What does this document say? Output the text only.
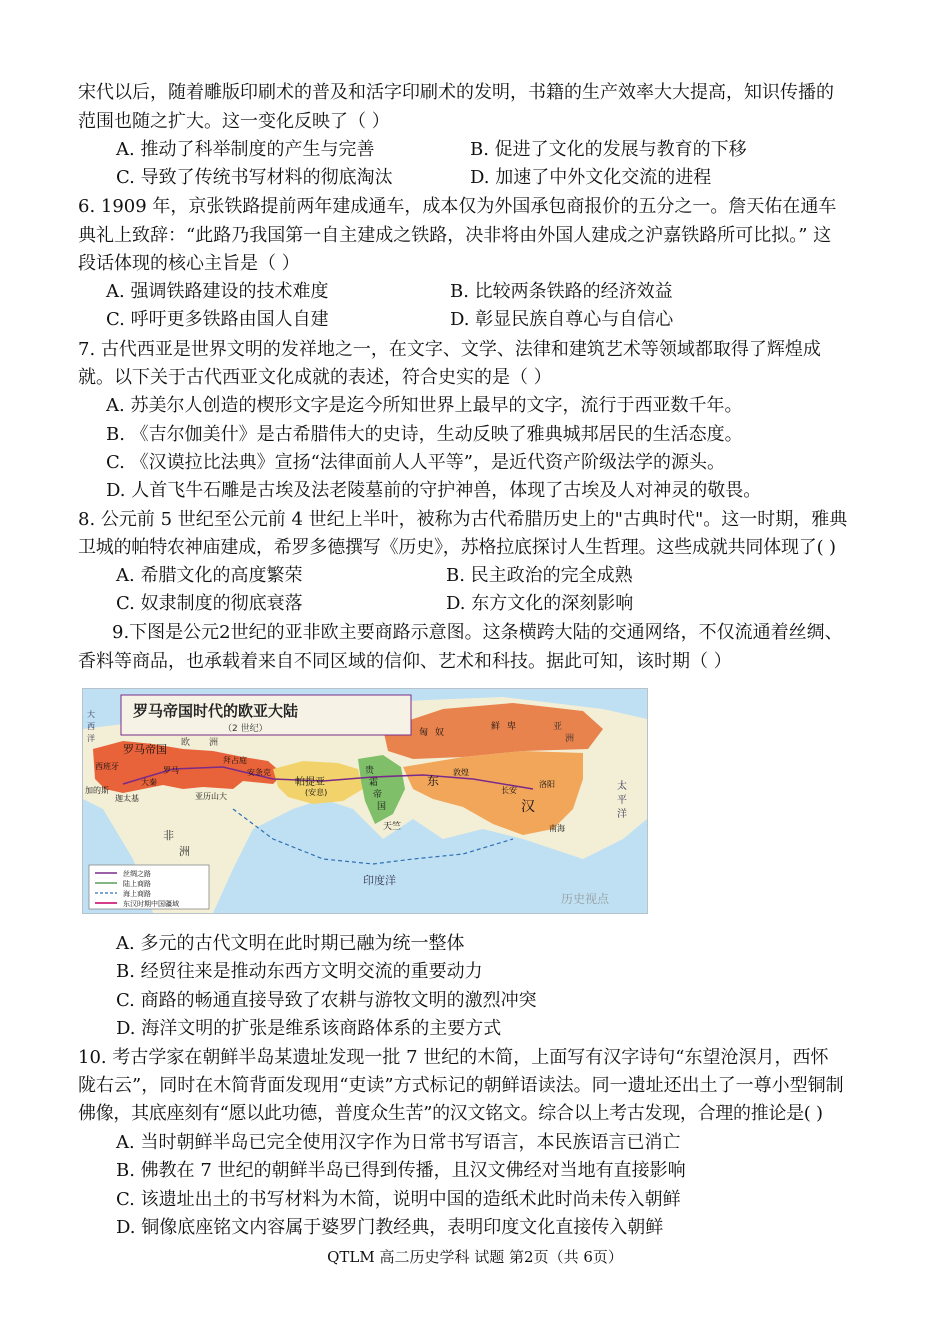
宋代以后，随着雕版印刷术的普及和活字印刷术的发明，书籍的生产效率大大提高，知识传播的
范围也随之扩大。这一变化反映了（ ）
A. 推动了科举制度的产生与完善	B. 促进了文化的发展与教育的下移
C. 导致了传统书写材料的彻底淘汰	D. 加速了中外文化交流的进程
6. 1909 年，京张铁路提前两年建成通车，成本仅为外国承包商报价的五分之一。詹天佑在通车
典礼上致辞：“此路乃我国第一自主建成之铁路，决非将由外国人建成之沪嘉铁路所可比拟。” 这
段话体现的核心主旨是（ ）
A. 强调铁路建设的技术难度	B. 比较两条铁路的经济效益
C. 呼吁更多铁路由国人自建	D. 彰显民族自尊心与自信心
7. 古代西亚是世界文明的发祥地之一，在文字、文学、法律和建筑艺术等领域都取得了辉煌成
就。以下关于古代西亚文化成就的表述，符合史实的是（ ）
A. 苏美尔人创造的楔形文字是迄今所知世界上最早的文字，流行于西亚数千年。
B. 《吉尔伽美什》是古希腊伟大的史诗，生动反映了雅典城邦居民的生活态度。
C. 《汉谟拉比法典》宣扬“法律面前人人平等”，是近代资产阶级法学的源头。
D. 人首飞牛石雕是古埃及法老陵墓前的守护神兽，体现了古埃及人对神灵的敬畏。
8. 公元前 5 世纪至公元前 4 世纪上半叶，被称为古代希腊历史上的"古典时代"。这一时期，雅典
卫城的帕特农神庙建成，希罗多德撰写《历史》，苏格拉底探讨人生哲理。这些成就共同体现了( )
A. 希腊文化的高度繁荣	B. 民主政治的完全成熟
C. 奴隶制度的彻底衰落	D. 东方文化的深刻影响
9.下图是公元2世纪的亚非欧主要商路示意图。这条横跨大陆的交通网络，不仅流通着丝绸、
香料等商品，也承载着来自不同区域的信仰、艺术和科技。据此可知，该时期（ ）
罗马帝国时代的欧亚大陆
（2 世纪）
欧 洲
罗马帝国
罗马
大秦
西班牙
加的斯
迦太基
拜占庭
安条克
亚历山大
帕提亚
(安息)
贵
霜
帝
国
匈 奴
鲜 卑
敦煌
东
汉
长安
洛阳
南海
天竺
亚
洲
非
洲
大
西
洋
太
平
洋
印度洋
丝绸之路
陆上商路
海上商路
东汉时期中国疆域	历史视点
A. 多元的古代文明在此时期已融为统一整体
B. 经贸往来是推动东西方文明交流的重要动力
C. 商路的畅通直接导致了农耕与游牧文明的激烈冲突
D. 海洋文明的扩张是维系该商路体系的主要方式
10. 考古学家在朝鲜半岛某遗址发现一批 7 世纪的木简，上面写有汉字诗句“东望沧溟月，西怀
陇右云”，同时在木简背面发现用“吏读”方式标记的朝鲜语读法。同一遗址还出土了一尊小型铜制
佛像，其底座刻有“愿以此功德，普度众生苦”的汉文铭文。综合以上考古发现，合理的推论是( )
A. 当时朝鲜半岛已完全使用汉字作为日常书写语言，本民族语言已消亡
B. 佛教在 7 世纪的朝鲜半岛已得到传播，且汉文佛经对当地有直接影响
C. 该遗址出土的书写材料为木简，说明中国的造纸术此时尚未传入朝鲜
D. 铜像底座铭文内容属于婆罗门教经典，表明印度文化直接传入朝鲜
QTLM 高二历史学科 试题 第2页（共 6页）
